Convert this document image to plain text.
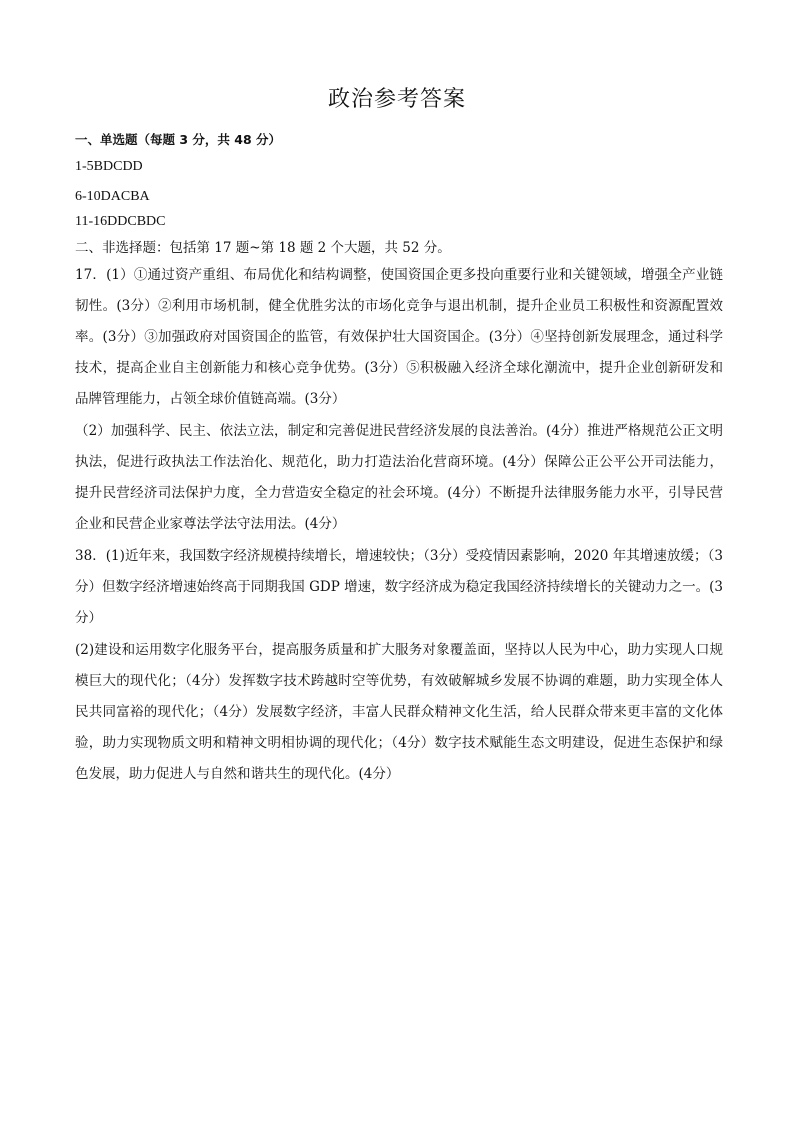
政治参考答案
一、单选题（每题 3 分，共 48 分）
1-5BDCDD
6-10DACBA
11-16DDCBDC
二、非选择题：包括第 17 题~第 18 题 2 个大题，共 52 分。
17．(1）①通过资产重组、布局优化和结构调整，使国资国企更多投向重要行业和关键领域，增强全产业链韧性。(3分）②利用市场机制，健全优胜劣汰的市场化竞争与退出机制，提升企业员工积极性和资源配置效率。(3分）③加强政府对国资国企的监管，有效保护壮大国资国企。(3分）④坚持创新发展理念，通过科学技术，提高企业自主创新能力和核心竞争优势。(3分）⑤积极融入经济全球化潮流中，提升企业创新研发和品牌管理能力，占领全球价值链高端。(3分）
（2）加强科学、民主、依法立法，制定和完善促进民营经济发展的良法善治。(4分）推进严格规范公正文明执法，促进行政执法工作法治化、规范化，助力打造法治化营商环境。(4分）保障公正公平公开司法能力，提升民营经济司法保护力度，全力营造安全稳定的社会环境。(4分）不断提升法律服务能力水平，引导民营企业和民营企业家尊法学法守法用法。(4分）
38．(1)近年来，我国数字经济规模持续增长，增速较快；（3分）受疫情因素影响，2020 年其增速放缓；（3分）但数字经济增速始终高于同期我国 GDP 增速，数字经济成为稳定我国经济持续增长的关键动力之一。(3分）
(2)建设和运用数字化服务平台，提高服务质量和扩大服务对象覆盖面，坚持以人民为中心，助力实现人口规模巨大的现代化；（4分）发挥数字技术跨越时空等优势，有效破解城乡发展不协调的难题，助力实现全体人民共同富裕的现代化；（4分）发展数字经济，丰富人民群众精神文化生活，给人民群众带来更丰富的文化体验，助力实现物质文明和精神文明相协调的现代化；（4分）数字技术赋能生态文明建设，促进生态保护和绿色发展，助力促进人与自然和谐共生的现代化。(4分）
